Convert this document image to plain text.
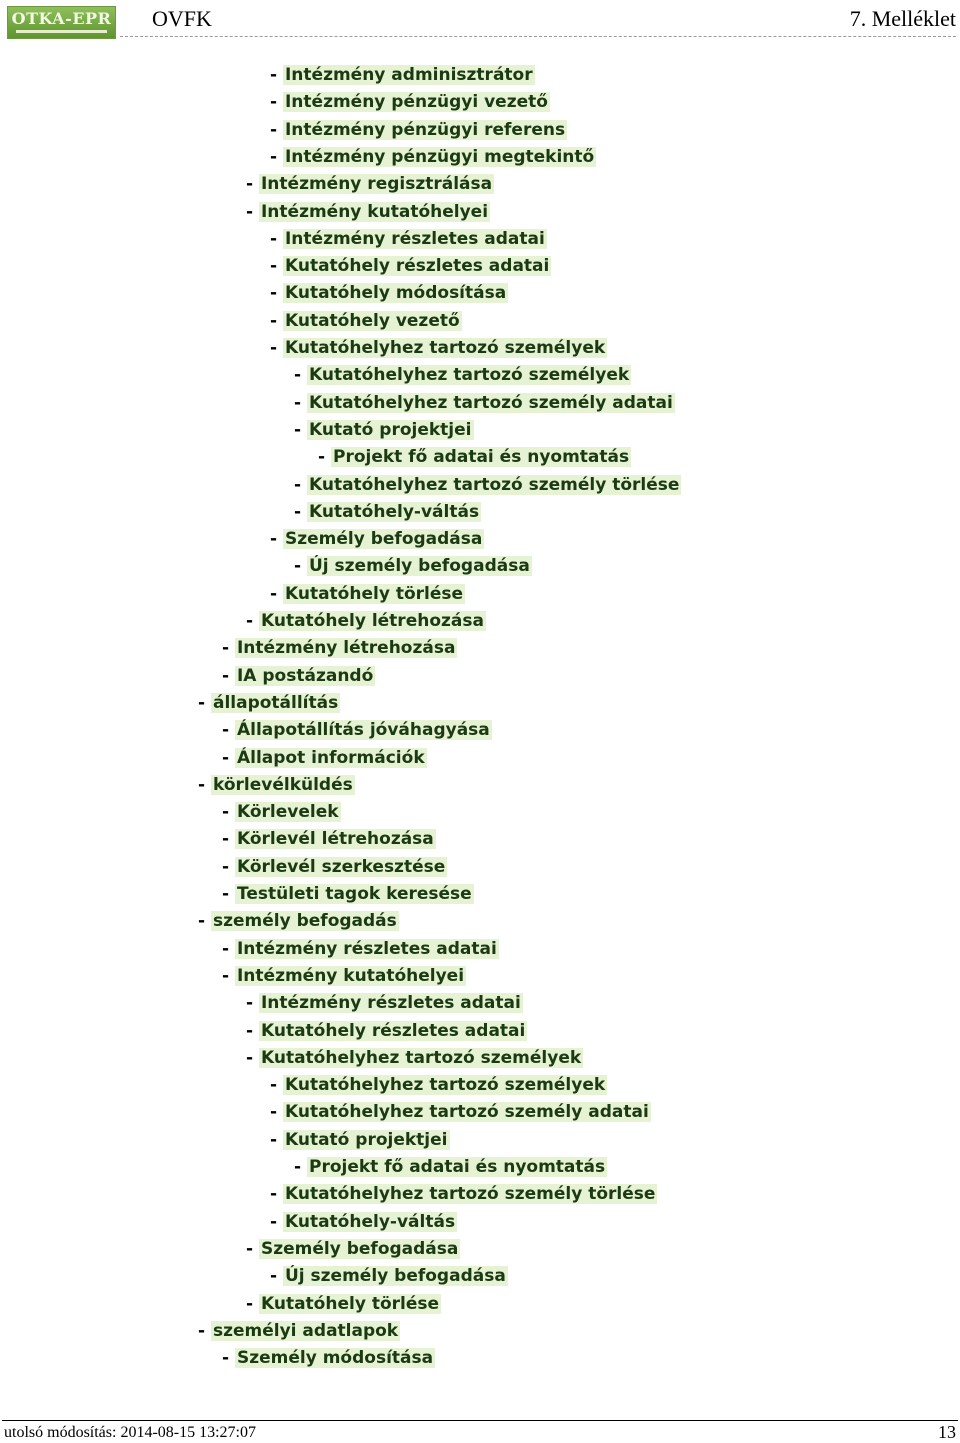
OTKA-EPR OVFK	7. Melléklet
- Intézmény adminisztrátor
- Intézmény pénzügyi vezető
- Intézmény pénzügyi referens
- Intézmény pénzügyi megtekintő
- Intézmény regisztrálása
- Intézmény kutatóhelyei
- Intézmény részletes adatai
- Kutatóhely részletes adatai
- Kutatóhely módosítása
- Kutatóhely vezető
- Kutatóhelyhez tartozó személyek
- Kutatóhelyhez tartozó személyek
- Kutatóhelyhez tartozó személy adatai
- Kutató projektjei
- Projekt fő adatai és nyomtatás
- Kutatóhelyhez tartozó személy törlése
- Kutatóhely-váltás
- Személy befogadása
- Új személy befogadása
- Kutatóhely törlése
- Kutatóhely létrehozása
- Intézmény létrehozása
- IA postázandó
- állapotállítás
- Állapotállítás jóváhagyása
- Állapot információk
- körlevélküldés
- Körlevelek
- Körlevél létrehozása
- Körlevél szerkesztése
- Testületi tagok keresése
- személy befogadás
- Intézmény részletes adatai
- Intézmény kutatóhelyei
- Intézmény részletes adatai
- Kutatóhely részletes adatai
- Kutatóhelyhez tartozó személyek
- Kutatóhelyhez tartozó személyek
- Kutatóhelyhez tartozó személy adatai
- Kutató projektjei
- Projekt fő adatai és nyomtatás
- Kutatóhelyhez tartozó személy törlése
- Kutatóhely-váltás
- Személy befogadása
- Új személy befogadása
- Kutatóhely törlése
- személyi adatlapok
- Személy módosítása
utolsó módosítás: 2014-08-15 13:27:07	13
